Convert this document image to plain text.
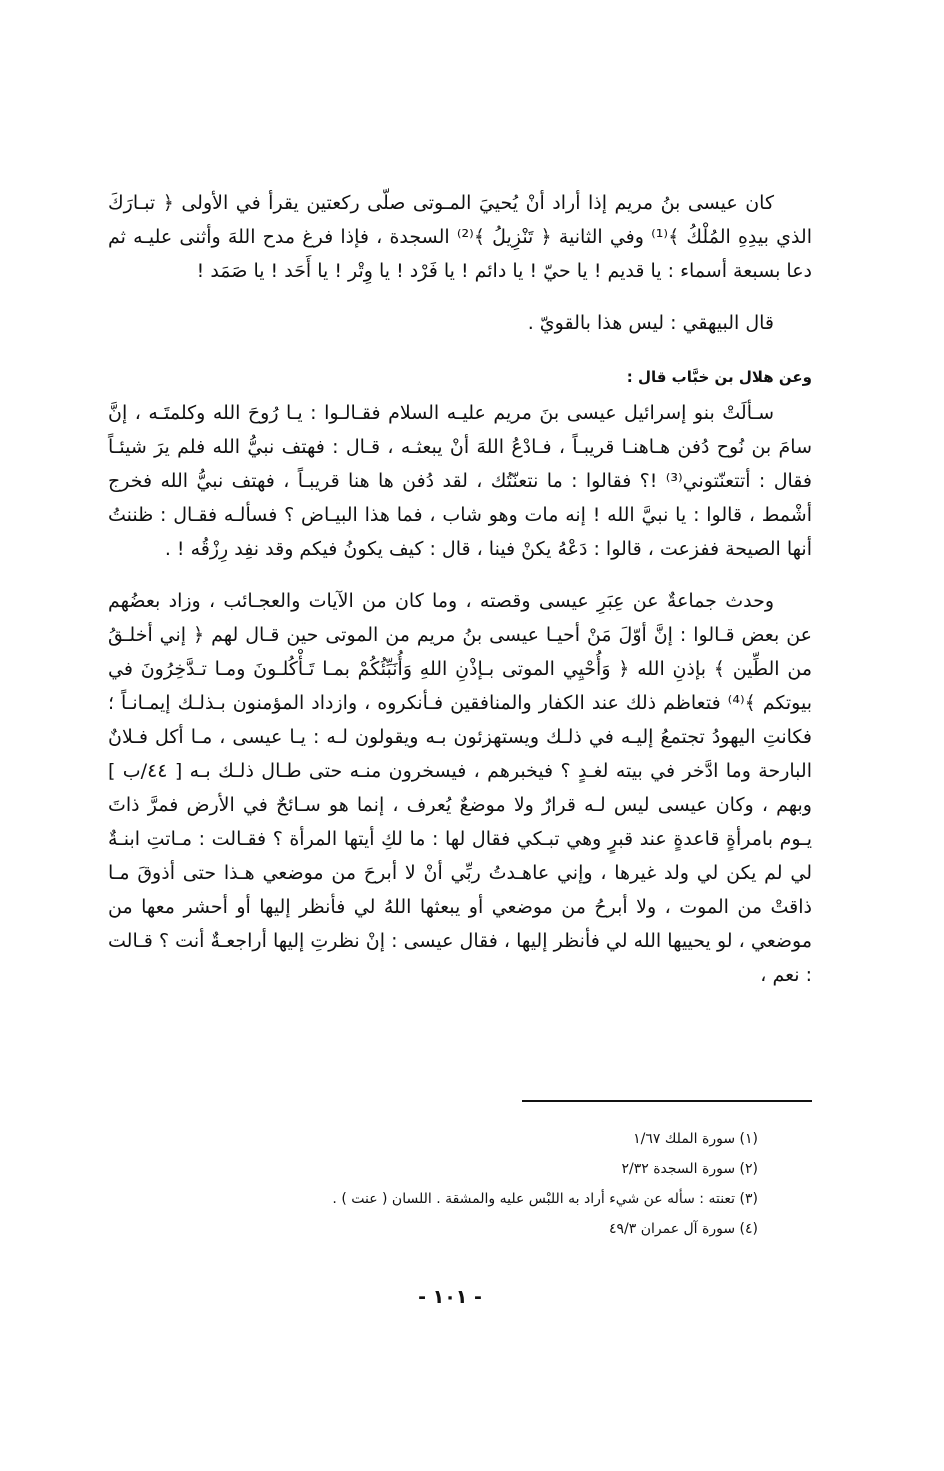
كان عيسى بنُ مريم إذا أراد أنْ يُحييَ المـوتى صلّى ركعتين يقرأ في الأولى ﴿ تبـارَكَ الذي بيدِهِ المُلْكُ ﴾⁽¹⁾ وفي الثانية ﴿ تَنْزِيلُ ﴾⁽²⁾ السجدة ، فإذا فرغ مدح اللهَ وأثنى عليـه ثم دعا بسبعة أسماء : يا قديم ! يا حيّ ! يا دائم ! يا فَرْد ! يا وِتْر ! يا أَحَد ! يا صَمَد !

قال البيهقي : ليس هذا بالقويّ .

وعن هلال بن خبَّاب قال :

سـألَتْ بنو إسرائيل عيسى بنَ مريم عليـه السلام فقـالـوا : يـا رُوحَ الله وكلمتَـه ، إنَّ سامَ بن نُوح دُفن هـاهنـا قريبـاً ، فـادْعُ اللهَ أنْ يبعثـه ، قـال : فهتف نبيُّ الله فلم يرَ شيئـاً فقال : أتتعنّتوني⁽³⁾ !؟ فقالوا : ما نتعنّتُك ، لقد دُفن ها هنا قريبـاً ، فهتف نبيُّ الله فخرج أشْمط ، قالوا : يا نبيَّ الله ! إنه مات وهو شاب ، فما هذا البيـاض ؟ فسألـه فقـال : ظننتُ أنها الصيحة ففزعت ، قالوا : دَعْهُ يكنْ فينا ، قال : كيف يكونُ فيكم وقد نفِد رِزْقُه ! .

وحدث جماعةٌ عن عِبَرِ عيسى وقصته ، وما كان من الآيات والعجـائب ، وزاد بعضُهم عن بعض قـالوا : إنَّ أوّلَ مَنْ أحيـا عيسى بنُ مريم من الموتى حين قـال لهم ﴿ إني أخلـقُ من الطِّين ﴾ بإذنِ الله ﴿ وَأُحْيِي الموتى بـإذْنِ اللهِ وَأُنَبِّئُكُمْ بمـا تَـأْكُلـونَ ومـا تـدَّخِرُونَ في بيوتكم ﴾⁽⁴⁾ فتعاظم ذلك عند الكفار والمنافقين فـأنكروه ، وازداد المؤمنون بـذلـك إيمـانـاً ؛ فكانتِ اليهودُ تجتمعُ إليـه في ذلـك ويستهزئون بـه ويقولون لـه : يـا عيسى ، مـا أكل فـلانٌ البارحة وما ادَّخر في بيته لغـدٍ ؟ فيخبرهم ، فيسخرون منـه حتى طـال ذلـك بـه [ ٤٤/ب ] وبهم ، وكان عيسى ليس لـه قرارٌ ولا موضعٌ يُعرف ، إنما هو سـائحٌ في الأرض فمرَّ ذاتَ يـوم بامرأةٍ قاعدةٍ عند قبرٍ وهي تبـكي فقال لها : ما لكِ أيتها المرأة ؟ فقـالت : مـاتتِ ابنـةٌ لي لم يكن لي ولد غيرها ، وإني عاهـدتُ ربِّي أنْ لا أبرحَ من موضعي هـذا حتى أذوقَ مـا ذاقتْ من الموت ، ولا أبرحُ من موضعي أو يبعثها اللهُ لي فأنظر إليها أو أحشر معها من موضعي ، لو يحييها الله لي فأنظر إليها ، فقال عيسى : إنْ نظرتِ إليها أراجعـةٌ أنت ؟ قـالت : نعم ،

(١) سورة الملك ١/٦٧
(٢) سورة السجدة ٢/٣٢
(٣) تعنته : سأله عن شيء أراد به اللبْس عليه والمشقة . اللسان ( عنت ) .
(٤) سورة آل عمران ٤٩/٣
- ١٠١ -
